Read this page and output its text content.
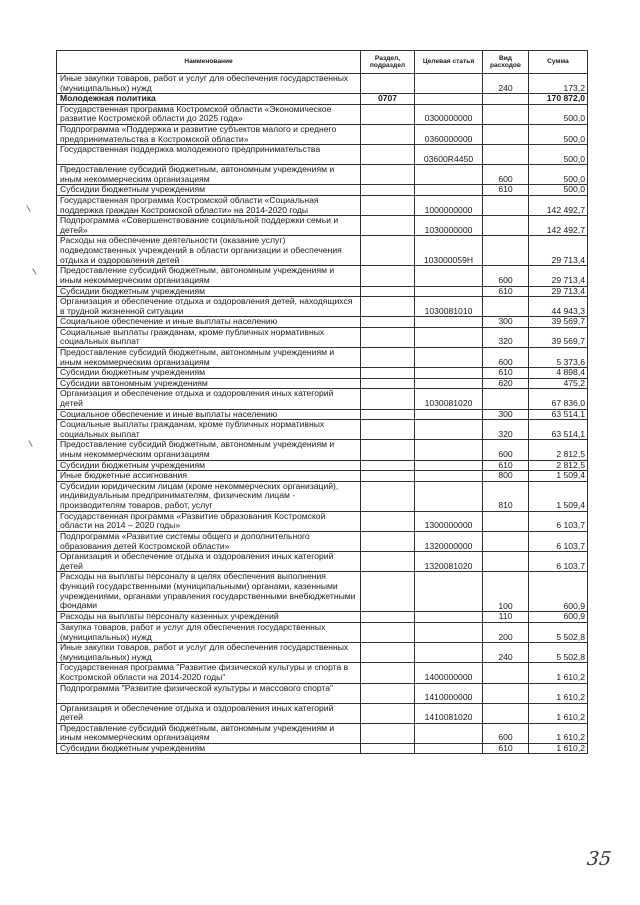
Наименование	Раздел, подраздел	Целевая статья	Вид расходов	Сумма
Иные закупки товаров, работ и услуг для обеспечения государственных (муниципальных) нужд			240	173,2
Молодежная политика	0707			170 872,0
Государственная программа Костромской области «Экономическое развитие Костромской области до 2025 года»		0300000000		500,0
Подпрограмма «Поддержка и развитие субъектов малого и среднего предпринимательства в Костромской области»		0360000000		500,0
Государственная поддержка молодежного предпринимательства		03600R4450		500,0
Предоставление субсидий бюджетным, автономным учреждениям и иным некоммерческим организациям			600	500,0
Субсидии бюджетным учреждениям			610	500,0
Государственная программа Костромской области «Социальная поддержка граждан Костромской области» на 2014-2020 годы		1000000000		142 492,7
Подпрограмма «Совершенствование социальной поддержки семьи и детей»		1030000000		142 492,7
Расходы на обеспечение деятельности (оказание услуг) подведомственных учреждений в области организации и обеспечения отдыха и оздоровления детей		103000059Н		29 713,4
Предоставление субсидий бюджетным, автономным учреждениям и иным некоммерческим организациям			600	29 713,4
Субсидии бюджетным учреждениям			610	29 713,4
Организация и обеспечение отдыха и оздоровления детей, находящихся в трудной жизненной ситуации		1030081010		44 943,3
Социальное обеспечение и иные выплаты населению			300	39 569,7
Социальные выплаты гражданам, кроме публичных нормативных социальных выплат			320	39 569,7
Предоставление субсидий бюджетным, автономным учреждениям и иным некоммерческим организациям			600	5 373,6
Субсидии бюджетным учреждениям			610	4 898,4
Субсидии автономным учреждениям			620	475,2
Организация и обеспечение отдыха и оздоровления иных категорий детей		1030081020		67 836,0
Социальное обеспечение и иные выплаты населению			300	63 514,1
Социальные выплаты гражданам, кроме публичных нормативных социальных выплат			320	63 514,1
Предоставление субсидий бюджетным, автономным учреждениям и иным некоммерческим организациям			600	2 812,5
Субсидии бюджетным учреждениям			610	2 812,5
Иные бюджетные ассигнования			800	1 509,4
Субсидии юридическим лицам (кроме некоммерческих организаций), индивидуальным предпринимателям, физическим лицам - производителям товаров, работ, услуг			810	1 509,4
Государственная программа «Развитие образования Костромской области на 2014 – 2020 годы»		1300000000		6 103,7
Подпрограмма «Развитие системы общего и дополнительного образования детей Костромской области»		1320000000		6 103,7
Организация и обеспечение отдыха и оздоровления иных категорий детей		1320081020		6 103,7
Расходы на выплаты персоналу в целях обеспечения выполнения функций государственными (муниципальными) органами, казенными учреждениями, органами управления государственными внебюджетными фондами			100	600,9
Расходы на выплаты персоналу казенных учреждений			110	600,9
Закупка товаров, работ и услуг для обеспечения государственных (муниципальных) нужд			200	5 502,8
Иные закупки товаров, работ и услуг для обеспечения государственных (муниципальных) нужд			240	5 502,8
Государственная программа "Развитие физической культуры и спорта в Костромской области на 2014-2020 годы"		1400000000		1 610,2
Подпрограмма "Развитие физической культуры и массового спорта"		1410000000		1 610,2
Организация и обеспечение отдыха и оздоровления иных категорий детей		1410081020		1 610,2
Предоставление субсидий бюджетным, автономным учреждениям и иным некоммерческим организациям			600	1 610,2
Субсидии бюджетным учреждениям			610	1 610,2
35
